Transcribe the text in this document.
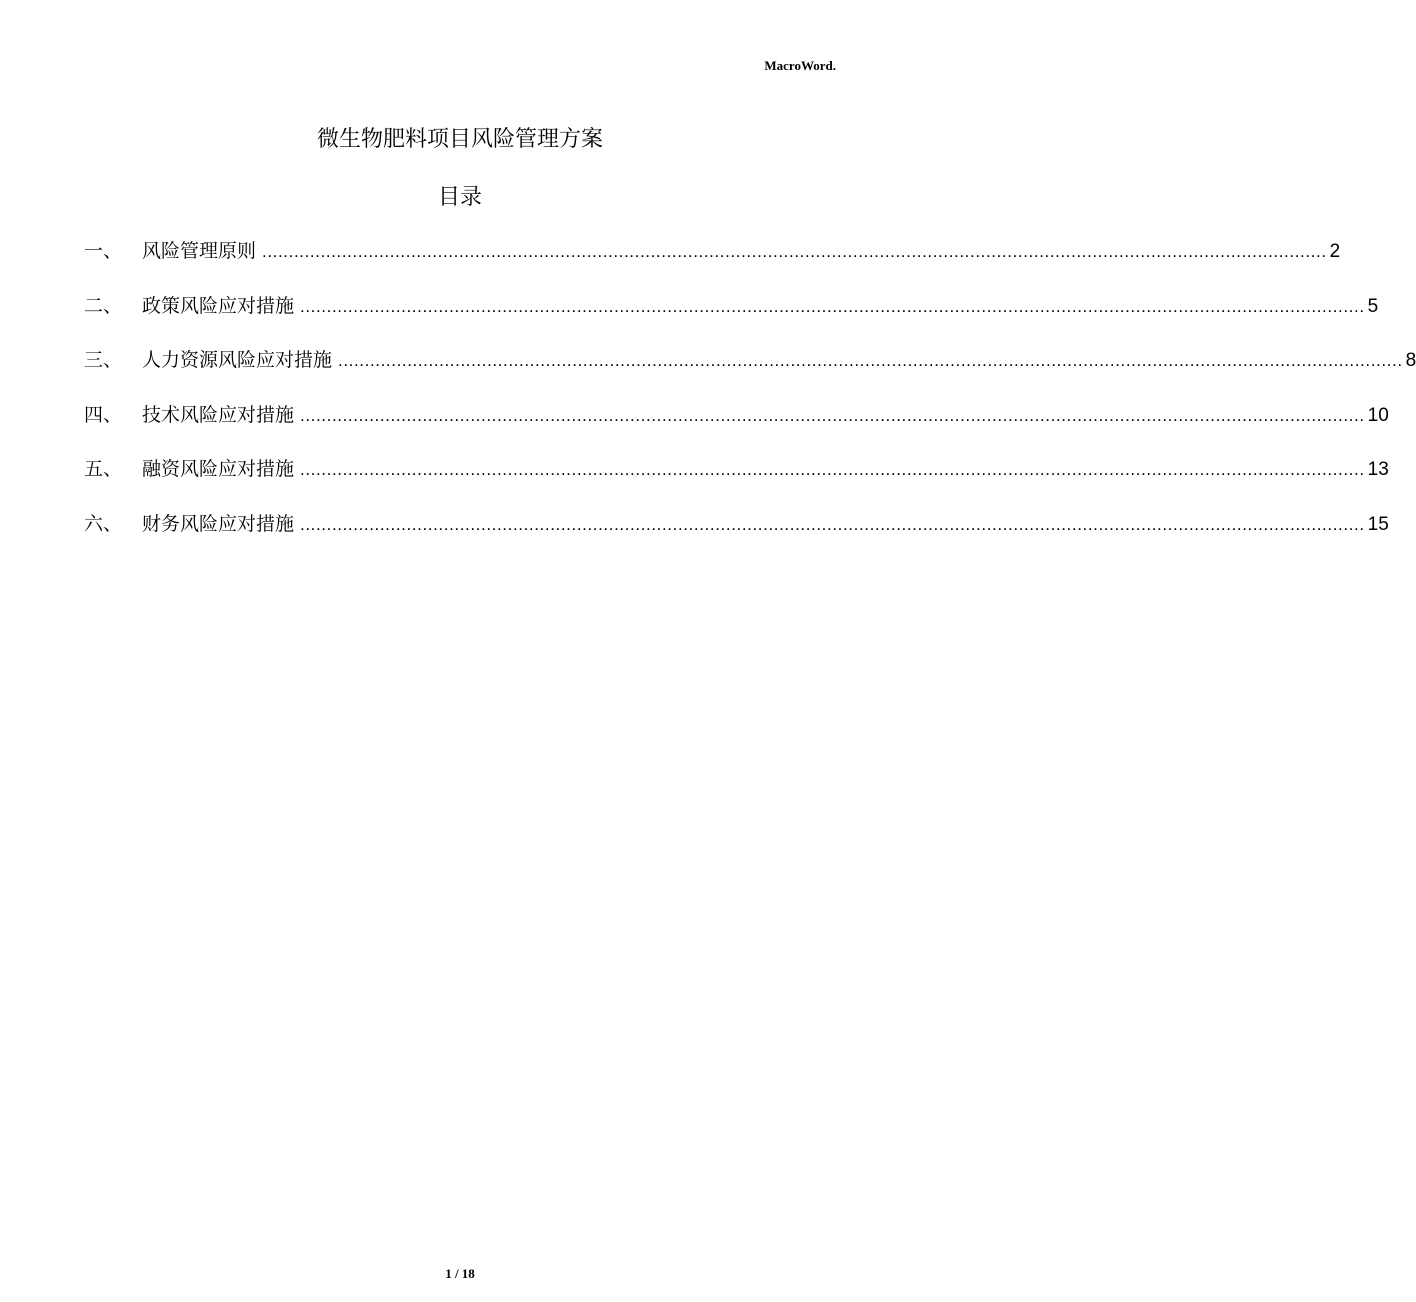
MacroWord.
微生物肥料项目风险管理方案
目录
一、	风险管理原则 ........................................................................................................................................................................................................ 2
二、	政策风险应对措施 ........................................................................................................................................................................................................ 5
三、	人力资源风险应对措施 ........................................................................................................................................................................................................ 8
四、	技术风险应对措施 ........................................................................................................................................................................................................ 10
五、	融资风险应对措施 ........................................................................................................................................................................................................ 13
六、	财务风险应对措施 ........................................................................................................................................................................................................ 15
1 / 18
